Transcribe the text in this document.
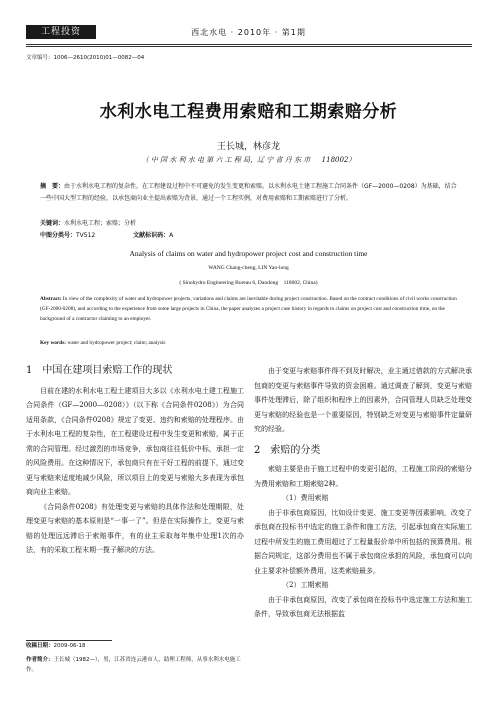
工程投资	西北水电 · 2010年 · 第1期
文章编号：1006—2610(2010)01—0082—04
水利水电工程费用索赔和工期索赔分析
王长城，林彦龙
（ 中 国 水 利 水 电 第 六 工 程 局，辽 宁 省 丹 东 市 　 118002）
摘　要：由于水利水电工程的复杂性，在工程建设过程中不可避免的发生变更和索赔。以水利水电土建工程施工合同条件（GF—2000—0208）为基础，结合一些中国大型工程的经验，以承包商向业主提出索赔为背景，通过一个工程实例，对费用索赔和工期索赔进行了分析。
关键词：水利水电工程；索赔；分析
中图分类号：TV512	文献标识码：A
Analysis of claims on water and hydropower project cost and construction time
WANG Chang-cheng, LIN Yan-long
( Sinohydro Engineering Bureau 6, Dandong　118002, China)
Abstract: In view of the complexity of water and hydropower projects, variations and claims are inevitable during project construction. Based on the contract conditions of civil works construction (GF-2000-0208), and according to the experience from some large projects in China, the paper analyzes a project case history in regards to claims on project cost and construction time, on the background of a contractor claiming to an employer.
Key words: water and hydropower project; claim; analysis
1　中国在建项目索赔工作的现状

目前在建的水利水电工程土建项目大多以《水利水电土建工程施工合同条件（GF—2000—0208）》（以下称《合同条件0208》）为合同适用条款，《合同条件0208》规定了变更、违约和索赔的处理程序。由于水利水电工程的复杂性，在工程建设过程中发生变更和索赔，属于正常的合同管理。经过激烈的市场竞争，承包商往往低价中标，承担一定的风险费用。在这种情况下，承包商只有在干好工程的前提下，通过变更与索赔来适度地减少风险，所以项目上的变更与索赔大多表现为承包商向业主索赔。

《合同条件0208》有处理变更与索赔的具体作法和处理期限，处理变更与索赔的基本原则是“一事一了”。但是在实际操作上，变更与索赔的处理远远滞后于索赔事件，有的业主采取每年集中处理1次的办法，有的采取工程末期一揽子解决的方法。

收稿日期：2009-06-18
作者简介：王长城（1982—），男，江苏省连云港市人，助理工程师，从事水利水电施工作。

由于变更与索赔事件得不到及时解决，业主通过借款的方式解决承包商的变更与索赔事件导致的资金困难。通过调查了解到，变更与索赔事件处理滞后，除了组织和程序上的因素外，合同管理人员缺乏处理变更与索赔的经验也是一个重要原因，特别缺乏对变更与索赔事件定量研究的经验。

2　索赔的分类

索赔主要是由于施工过程中的变更引起的，工程施工阶段的索赔分为费用索赔和工期索赔2种。

（1）费用索赔

由于非承包商原因，比如设计变更、施工变更等因素影响，改变了承包商在投标书中选定的施工条件和施工方法，引起承包商在实际施工过程中所发生的施工费用超过了工程量报价单中所包括的预算费用。根据合同规定，这部分费用也不属于承包商应承担的风险，承包商可以向业主要求补偿额外费用，这类索赔最多。

（2）工期索赔

由于非承包商原因，改变了承包商在投标书中选定施工方法和施工条件，导致承包商无法根据监
